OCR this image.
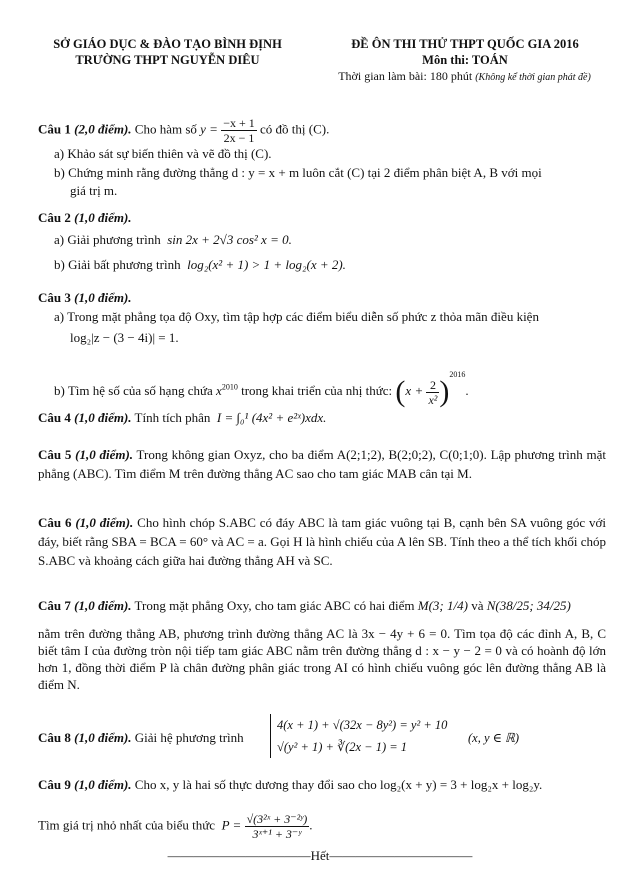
SỞ GIÁO DỤC & ĐÀO TẠO BÌNH ĐỊNH
TRƯỜNG THPT NGUYỄN DIÊU
ĐỀ ÔN THI THỬ THPT QUỐC GIA 2016
Môn thi: TOÁN
Thời gian làm bài: 180 phút (Không kể thời gian phát đề)
Câu 1 (2,0 điểm). Cho hàm số $y = \frac{-x + 1}{2x - 1}$ có đồ thị (C).
a) Khảo sát sự biến thiên và vẽ đồ thị (C).
b) Chứng minh rằng đường thẳng d : y = x + m luôn cắt (C) tại 2 điểm phân biệt A, B với mọi
giá trị m.
Câu 2 (1,0 điểm).
a) Giải phương trình sin 2x + 2√3 cos² x = 0.
b) Giải bất phương trình log₂(x² + 1) > 1 + log₂(x + 2).
Câu 3 (1,0 điểm).
a) Trong mặt phẳng tọa độ Oxy, tìm tập hợp các điểm biểu diễn số phức z thỏa mãn điều kiện
log₂|z − (3 − 4i)| = 1.
b) Tìm hệ số của số hạng chứa $x^{2010}$ trong khai triển của nhị thức: $(x + \frac{2}{\text{x²}} )^{2016}$.
Câu 4 (1,0 điểm). Tính tích phân I = ∫₀¹ (4x² + e²ˣ)xdx.
Câu 5 (1,0 điểm). Trong không gian Oxyz, cho ba điểm A(2;1;2), B(2;0;2), C(0;1;0). Lập phương trình mặt phẳng (ABC). Tìm điểm M trên đường thẳng AC sao cho tam giác MAB cân tại M.
Câu 6 (1,0 điểm). Cho hình chóp S.ABC có đáy ABC là tam giác vuông tại B, cạnh bên SA vuông góc với đáy, biết rằng SBA = BCA = 60° và AC = a. Gọi H là hình chiếu của A lên SB. Tính theo a thể tích khối chóp S.ABC và khoảng cách giữa hai đường thẳng AH và SC.
Câu 7 (1,0 điểm). Trong mặt phẳng Oxy, cho tam giác ABC có hai điểm M(3; 1/4) và N(38/25; 34/25)
nằm trên đường thẳng AB, phương trình đường thẳng AC là 3x − 4y + 6 = 0. Tìm tọa độ các đỉnh A, B, C biết tâm I của đường tròn nội tiếp tam giác ABC nằm trên đường thẳng d : x − y − 2 = 0 và có hoành độ lớn hơn 1, đồng thời điểm P là chân đường phân giác trong AI có hình chiếu vuông góc lên đường thẳng AB là điểm N.
Câu 8 (1,0 điểm). Giải hệ phương trình
4(x + 1) + √(32x − 8y²) = y² + 10
√(y² + 1) + ∛(2x − 1) = 1
(x, y ∈ ℝ)
Câu 9 (1,0 điểm). Cho x, y là hai số thực dương thay đổi sao cho log₂(x + y) = 3 + log₂x + log₂y.
Tìm giá trị nhỏ nhất của biểu thức $P = \frac{\text{√(3²ˣ + 3⁻²ʸ)}}{\text{3ˣ⁺¹ + 3⁻ʸ}}$ .
―――――――――――Hết―――――――――――
